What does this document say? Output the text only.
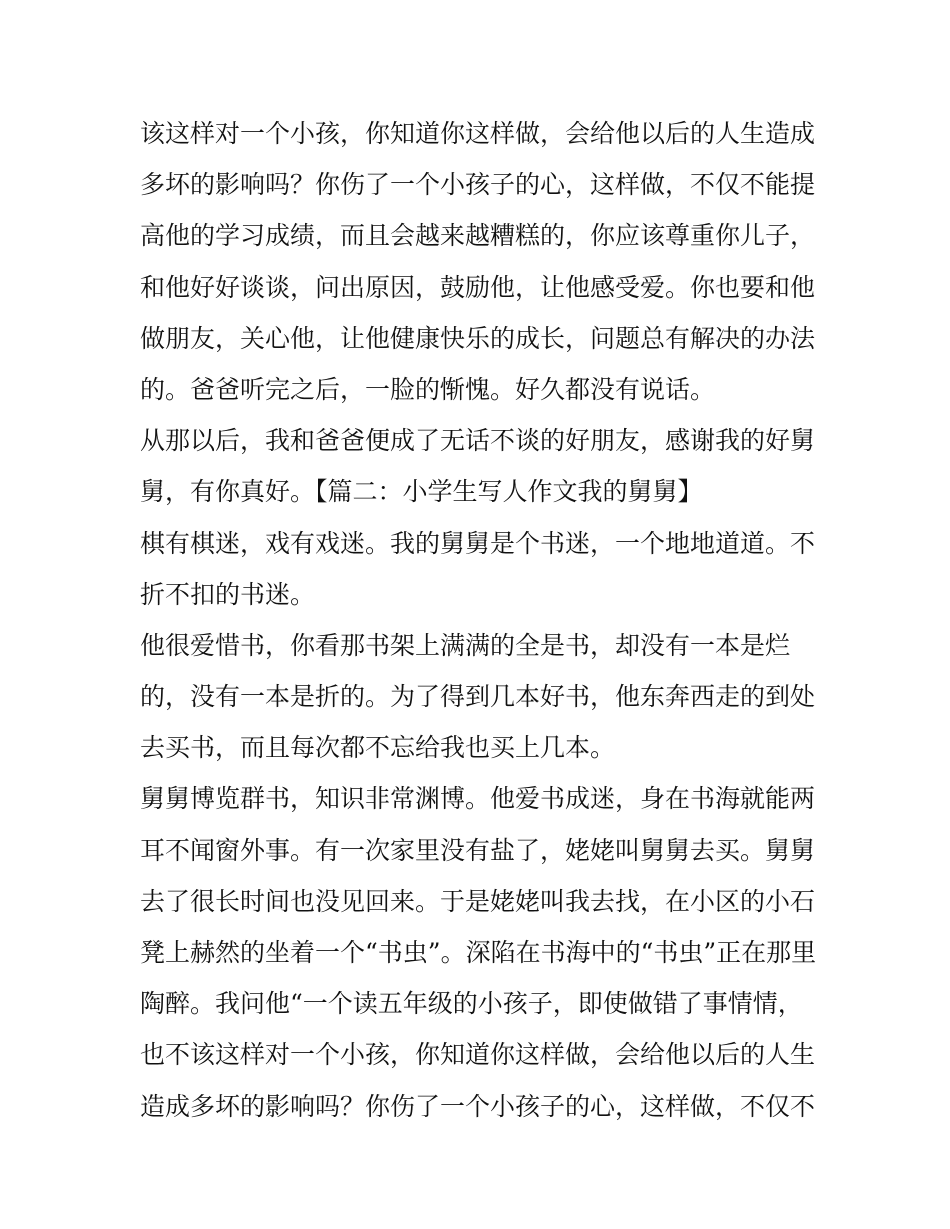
该这样对一个小孩，你知道你这样做，会给他以后的人生造成
多坏的影响吗？你伤了一个小孩子的心，这样做，不仅不能提
高他的学习成绩，而且会越来越糟糕的，你应该尊重你儿子，
和他好好谈谈，问出原因，鼓励他，让他感受爱。你也要和他
做朋友，关心他，让他健康快乐的成长，问题总有解决的办法
的。爸爸听完之后，一脸的惭愧。好久都没有说话。
从那以后，我和爸爸便成了无话不谈的好朋友，感谢我的好舅
舅，有你真好。【篇二：小学生写人作文我的舅舅】
棋有棋迷，戏有戏迷。我的舅舅是个书迷，一个地地道道。不
折不扣的书迷。
他很爱惜书，你看那书架上满满的全是书，却没有一本是烂
的，没有一本是折的。为了得到几本好书，他东奔西走的到处
去买书，而且每次都不忘给我也买上几本。
舅舅博览群书，知识非常渊博。他爱书成迷，身在书海就能两
耳不闻窗外事。有一次家里没有盐了，姥姥叫舅舅去买。舅舅
去了很长时间也没见回来。于是姥姥叫我去找，在小区的小石
凳上赫然的坐着一个“书虫”。深陷在书海中的“书虫”正在那里
陶醉。我问他“一个读五年级的小孩子，即使做错了事情情，
也不该这样对一个小孩，你知道你这样做，会给他以后的人生
造成多坏的影响吗？你伤了一个小孩子的心，这样做，不仅不
